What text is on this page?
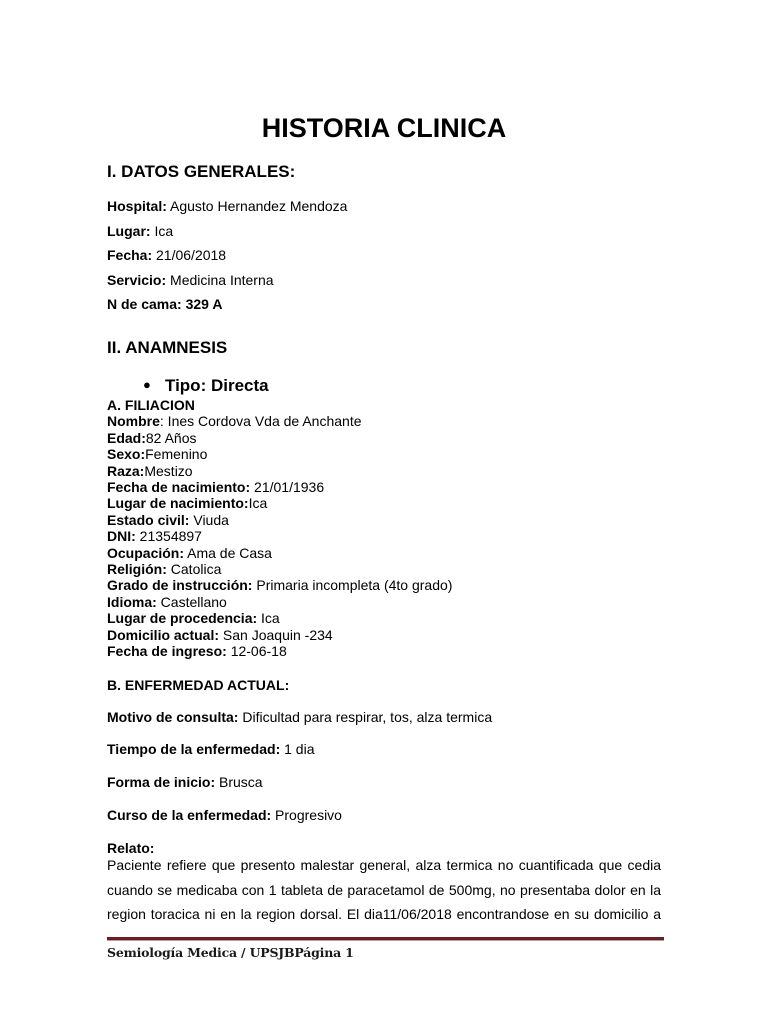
HISTORIA CLINICA
I. DATOS GENERALES:
Hospital: Agusto Hernandez Mendoza
Lugar: Ica
Fecha: 21/06/2018
Servicio: Medicina Interna
N de cama: 329 A
II. ANAMNESIS
● Tipo: Directa
A. FILIACION
Nombre: Ines Cordova Vda de Anchante
Edad:82 Años
Sexo:Femenino
Raza:Mestizo
Fecha de nacimiento: 21/01/1936
Lugar de nacimiento:Ica
Estado civil: Viuda
DNI: 21354897
Ocupación: Ama de Casa
Religión: Catolica
Grado de instrucción: Primaria incompleta (4to grado)
Idioma: Castellano
Lugar de procedencia: Ica
Domicilio actual: San Joaquin -234
Fecha de ingreso: 12-06-18
B. ENFERMEDAD ACTUAL:
Motivo de consulta: Dificultad para respirar, tos, alza termica
Tiempo de la enfermedad: 1 dia
Forma de inicio: Brusca
Curso de la enfermedad: Progresivo
Relato:
Paciente refiere que presento malestar general, alza termica no cuantificada que cedia
cuando se medicaba con 1 tableta de paracetamol de 500mg, no presentaba dolor en la
region toracica ni en la region dorsal. El dia11/06/2018 encontrandose en su domicilio a
Semiología Medica / UPSJBPágina 1
